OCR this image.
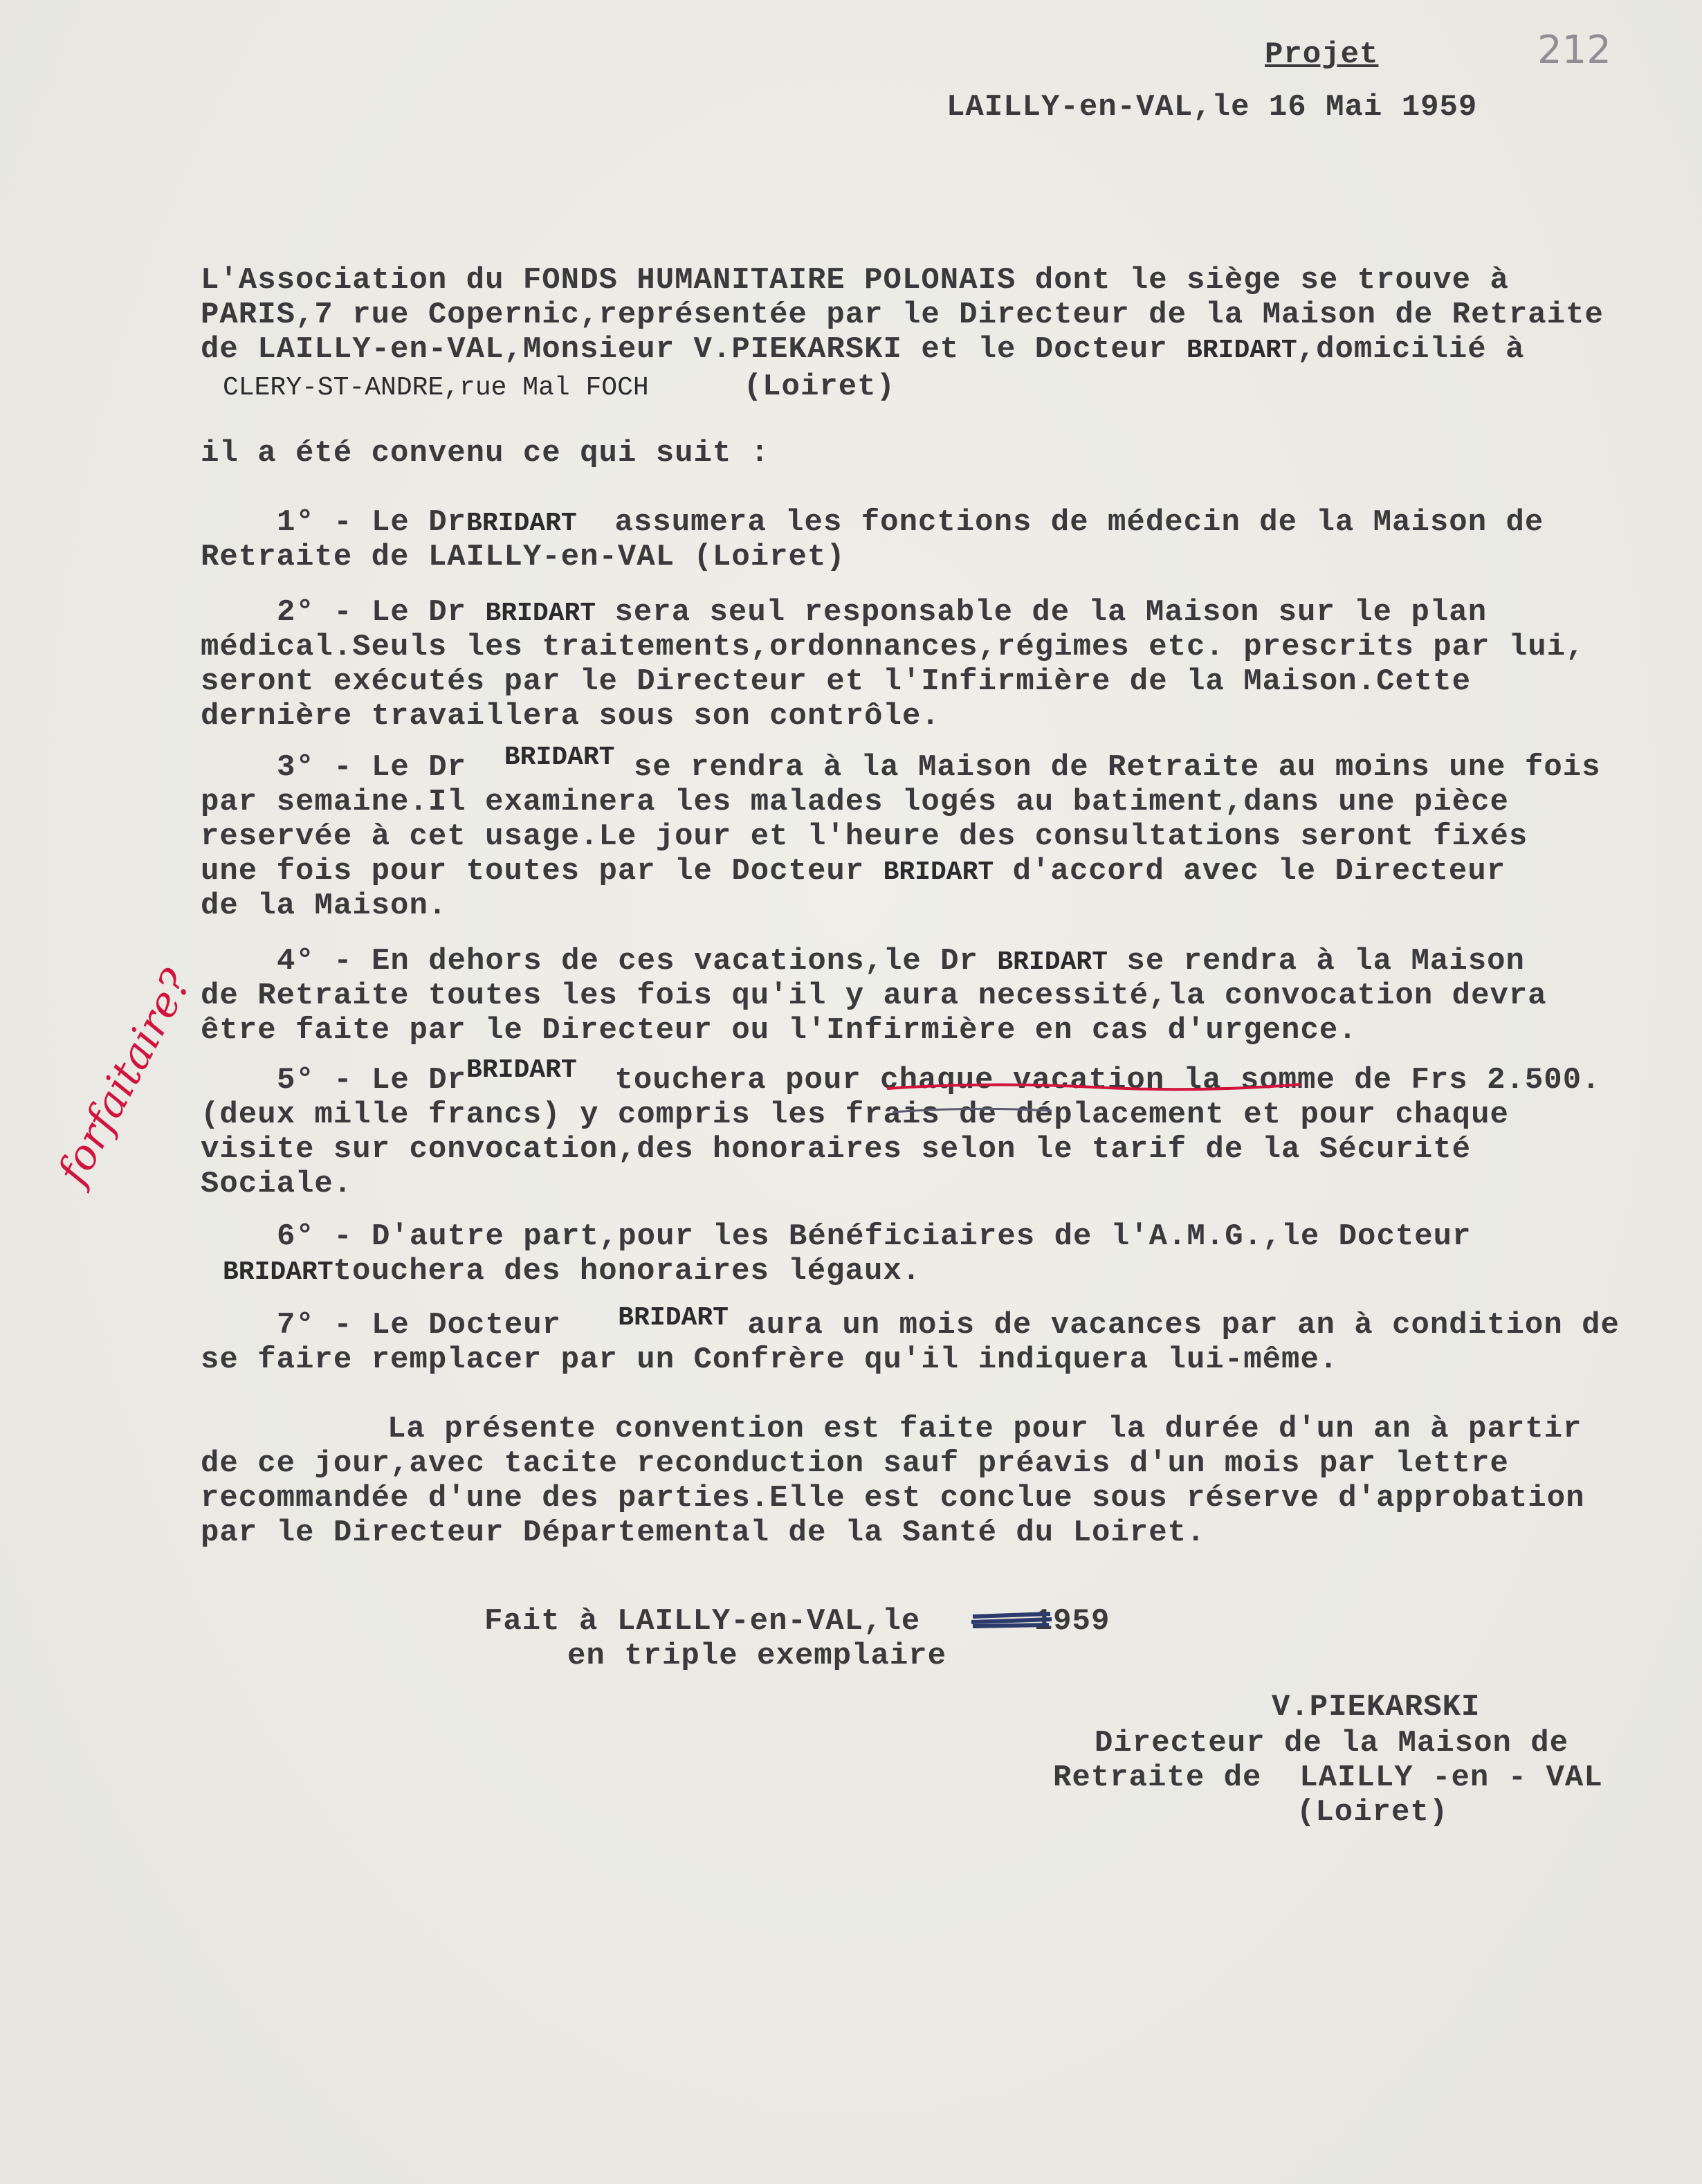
212
Projet
LAILLY-en-VAL,le 16 Mai 1959
L'Association du FONDS HUMANITAIRE POLONAIS dont le siège se trouve à
PARIS,7 rue Copernic,représentée par le Directeur de la Maison de Retraite
de LAILLY-en-VAL,Monsieur V.PIEKARSKI et le Docteur BRIDART,domicilié à
CLERY-ST-ANDRE,rue Mal FOCH	(Loiret)
il a été convenu ce qui suit :
1° - Le DrBRIDART assumera les fonctions de médecin de la Maison de
Retraite de LAILLY-en-VAL (Loiret)
2° - Le Dr BRIDART sera seul responsable de la Maison sur le plan
médical.Seuls les traitements,ordonnances,régimes etc. prescrits par lui,
seront exécutés par le Directeur et l'Infirmière de la Maison.Cette
dernière travaillera sous son contrôle.
3° - Le Dr BRIDART se rendra à la Maison de Retraite au moins une fois
par semaine.Il examinera les malades logés au batiment,dans une pièce
reservée à cet usage.Le jour et l'heure des consultations seront fixés
une fois pour toutes par le Docteur BRIDART d'accord avec le Directeur
de la Maison.
4° - En dehors de ces vacations,le Dr BRIDART se rendra à la Maison
de Retraite toutes les fois qu'il y aura necessité,la convocation devra
être faite par le Directeur ou l'Infirmière en cas d'urgence.
5° - Le DrBRIDART touchera pour chaque vacation la somme de Frs 2.500.
(deux mille francs) y compris les frais de déplacement et pour chaque
visite sur convocation,des honoraires selon le tarif de la Sécurité
Sociale.
forfaitaire?
6° - D'autre part,pour les Bénéficiaires de l'A.M.G.,le Docteur
BRIDARTtouchera des honoraires légaux.
7° - Le Docteur BRIDART aura un mois de vacances par an à condition de
se faire remplacer par un Confrère qu'il indiquera lui-même.
La présente convention est faite pour la durée d'un an à partir
de ce jour,avec tacite reconduction sauf préavis d'un mois par lettre
recommandée d'une des parties.Elle est conclue sous réserve d'approbation
par le Directeur Départemental de la Santé du Loiret.
Fait à LAILLY-en-VAL,le      1959
en triple exemplaire
V.PIEKARSKI
Directeur de la Maison de
Retraite de  LAILLY -en - VAL
(Loiret)
